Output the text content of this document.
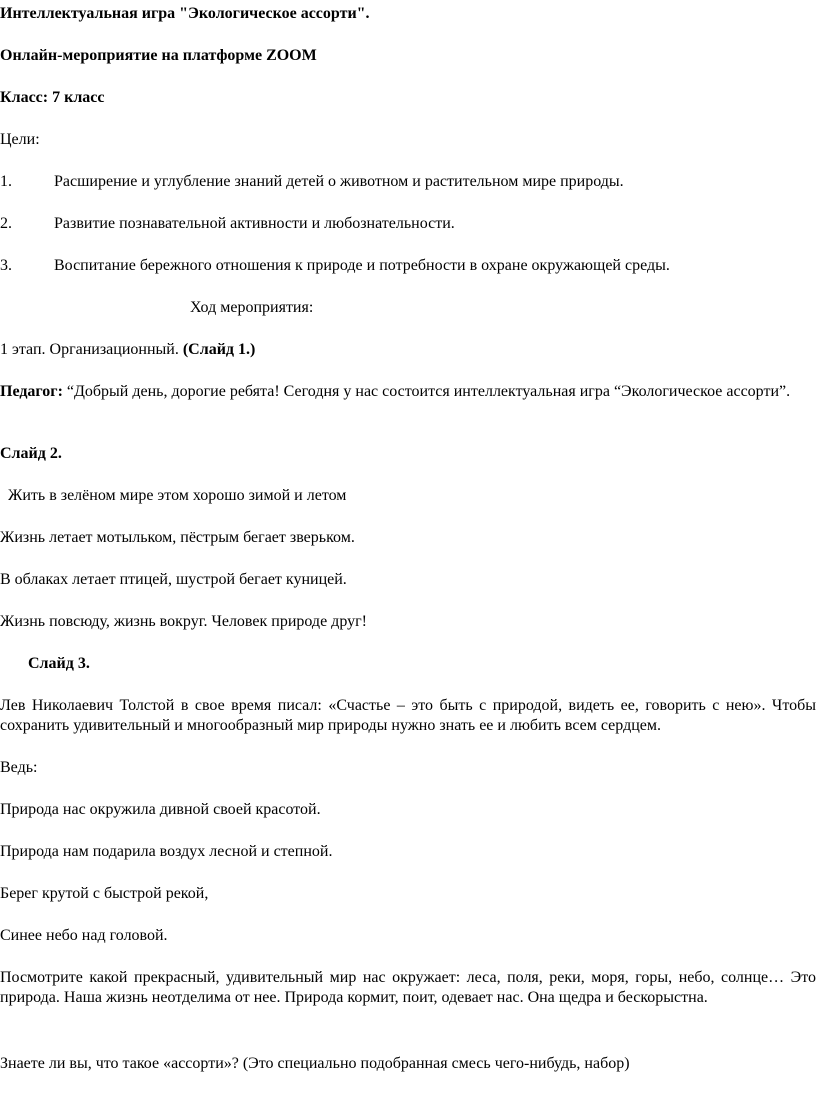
Интеллектуальная игра "Экологическое ассорти".

Онлайн-мероприятие на платформе ZOOM

Класс: 7 класс

Цели:

1.	Расширение и углубление знаний детей о животном и растительном мире природы.

2.	Развитие познавательной активности и любознательности.

3.	Воспитание бережного отношения к природе и потребности в охране окружающей среды.

Ход мероприятия:

1 этап. Организационный. (Слайд 1.)

Педагог: “Добрый день, дорогие ребята! Сегодня у нас состоится интеллектуальная игра “Экологическое ассорти”.

Слайд 2.

Жить в зелёном мире этом хорошо зимой и летом

Жизнь летает мотыльком, пёстрым бегает зверьком.

В облаках летает птицей, шустрой бегает куницей.

Жизнь повсюду, жизнь вокруг. Человек природе друг!

Слайд 3.

Лев Николаевич Толстой в свое время писал: «Счастье – это быть с природой, видеть ее, говорить с нею». Чтобы сохранить удивительный и многообразный мир природы нужно знать ее и любить всем сердцем.

Ведь:

Природа нас окружила дивной своей красотой.

Природа нам подарила воздух лесной и степной.

Берег крутой с быстрой рекой,

Синее небо над головой.

Посмотрите какой прекрасный, удивительный мир нас окружает: леса, поля, реки, моря, горы, небо, солнце… Это природа. Наша жизнь неотделима от нее. Природа кормит, поит, одевает нас. Она щедра и бескорыстна.

Знаете ли вы, что такое «ассорти»? (Это специально подобранная смесь чего-нибудь, набор)
